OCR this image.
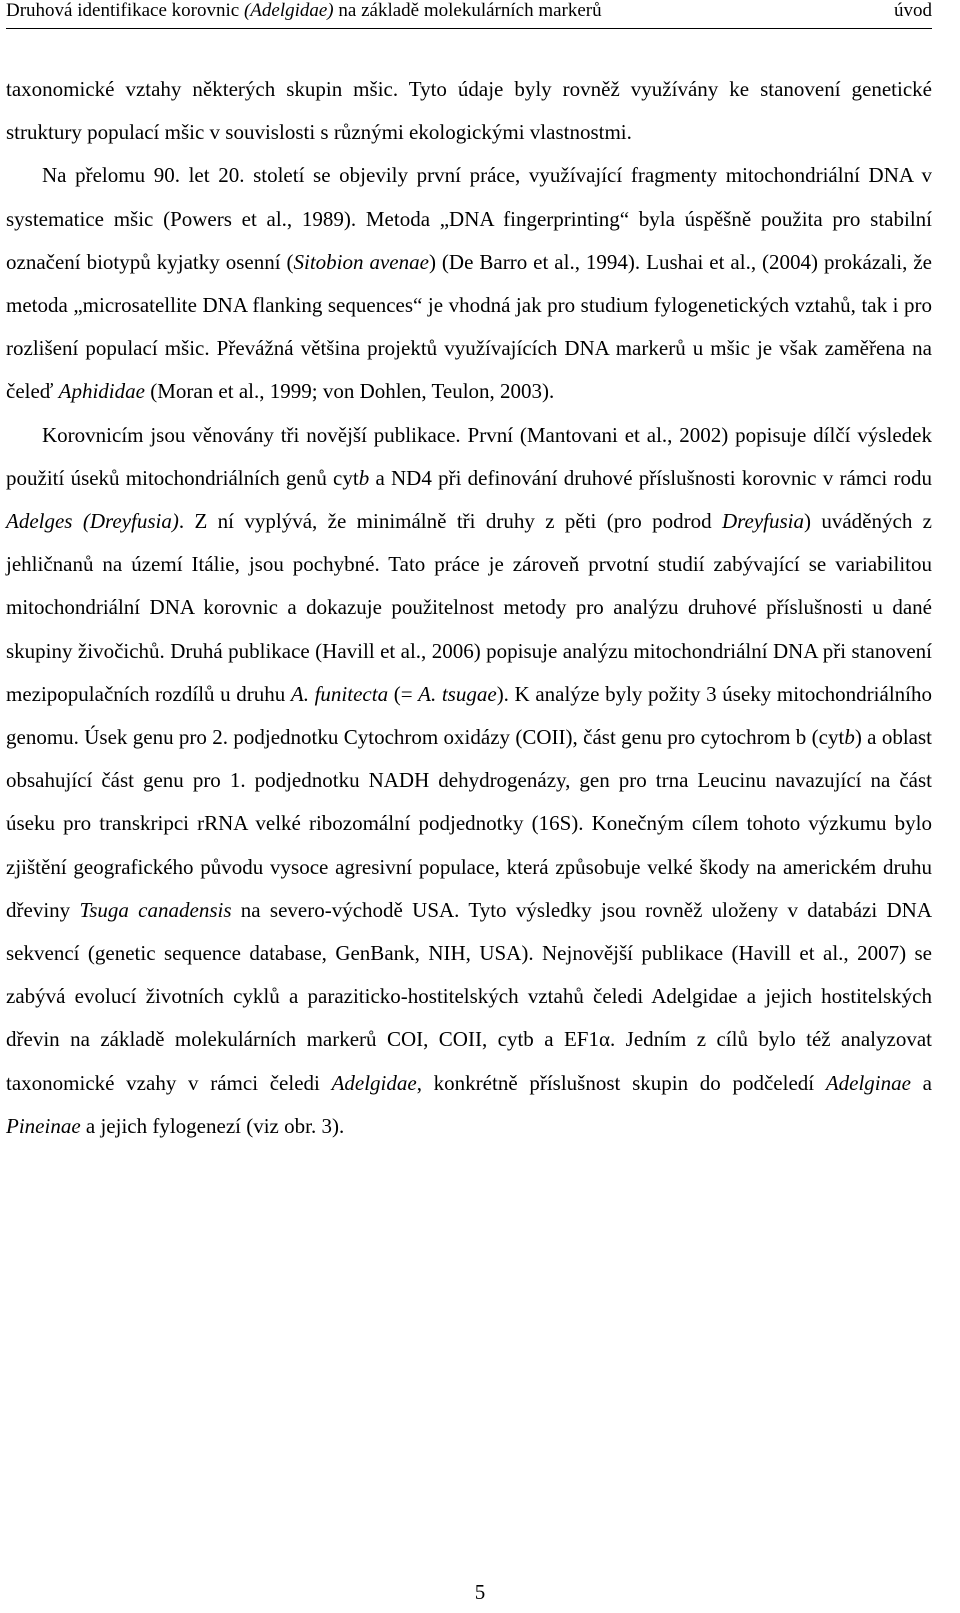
Druhová identifikace korovnic (Adelgidae) na základě molekulárních markerů	úvod

taxonomické vztahy některých skupin mšic. Tyto údaje byly rovněž využívány ke stanovení genetické struktury populací mšic v souvislosti s různými ekologickými vlastnostmi.

Na přelomu 90. let 20. století se objevily první práce, využívající fragmenty mitochondriální DNA v systematice mšic (Powers et al., 1989). Metoda „DNA fingerprinting“ byla úspěšně použita pro stabilní označení biotypů kyjatky osenní (Sitobion avenae) (De Barro et al., 1994). Lushai et al., (2004) prokázali, že metoda „microsatellite DNA flanking sequences“ je vhodná jak pro studium fylogenetických vztahů, tak i pro rozlišení populací mšic. Převážná většina projektů využívajících DNA markerů u mšic je však zaměřena na čeleď Aphididae (Moran et al., 1999; von Dohlen, Teulon, 2003).

Korovnicím jsou věnovány tři novější publikace. První (Mantovani et al., 2002) popisuje dílčí výsledek použití úseků mitochondriálních genů cytb a ND4 při definování druhové příslušnosti korovnic v rámci rodu Adelges (Dreyfusia). Z ní vyplývá, že minimálně tři druhy z pěti (pro podrod Dreyfusia) uváděných z jehličnanů na území Itálie, jsou pochybné. Tato práce je zároveň prvotní studií zabývající se variabilitou mitochondriální DNA korovnic a dokazuje použitelnost metody pro analýzu druhové příslušnosti u dané skupiny živočichů. Druhá publikace (Havill et al., 2006) popisuje analýzu mitochondriální DNA při stanovení mezipopulačních rozdílů u druhu A. funitecta (= A. tsugae). K analýze byly požity 3 úseky mitochondriálního genomu. Úsek genu pro 2. podjednotku Cytochrom oxidázy (COII), část genu pro cytochrom b (cytb) a oblast obsahující část genu pro 1. podjednotku NADH dehydrogenázy, gen pro trna Leucinu navazující na část úseku pro transkripci rRNA velké ribozomální podjednotky (16S). Konečným cílem tohoto výzkumu bylo zjištění geografického původu vysoce agresivní populace, která způsobuje velké škody na americkém druhu dřeviny Tsuga canadensis na severo-východě USA. Tyto výsledky jsou rovněž uloženy v databázi DNA sekvencí (genetic sequence database, GenBank, NIH, USA). Nejnovější publikace (Havill et al., 2007) se zabývá evolucí životních cyklů a paraziticko-hostitelských vztahů čeledi Adelgidae a jejich hostitelských dřevin na základě molekulárních markerů COI, COII, cytb a EF1α. Jedním z cílů bylo též analyzovat taxonomické vzahy v rámci čeledi Adelgidae, konkrétně příslušnost skupin do podčeledí Adelginae a Pineinae a jejich fylogenezí (viz obr. 3).

5
